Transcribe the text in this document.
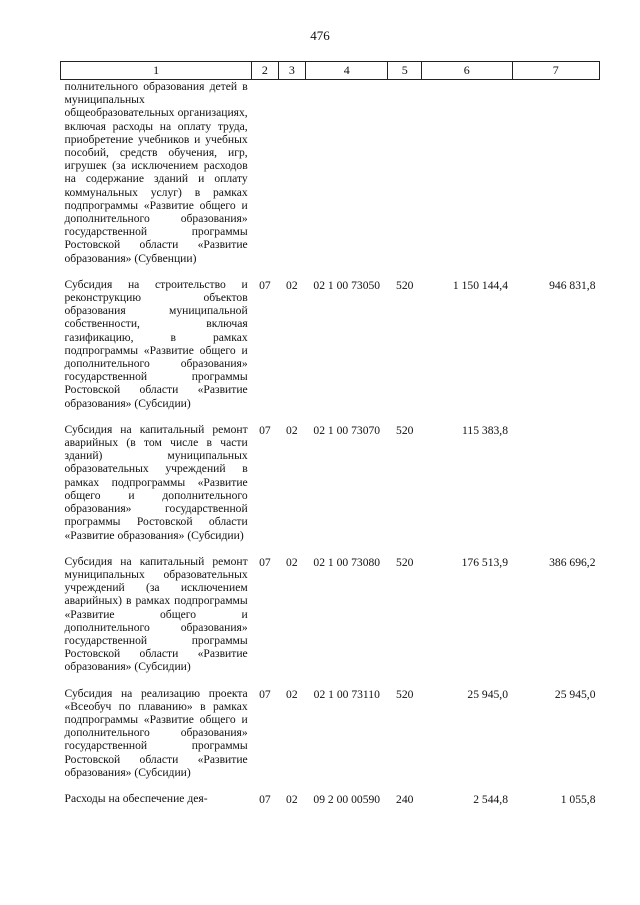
476
1	2	3	4	5	6	7
полнительного образования детей в муниципальных общеобразовательных организациях, включая расходы на оплату труда, приобретение учебников и учебных пособий, средств обучения, игр, игрушек (за исключением расходов на содержание зданий и оплату коммунальных услуг) в рамках подпрограммы «Развитие общего и дополнительного образования» государственной программы Ростовской области «Развитие образования» (Субвенции)						
Субсидия на строительство и реконструкцию объектов образования муниципальной собственности, включая газификацию, в рамках подпрограммы «Развитие общего и дополнительного образования» государственной программы Ростовской области «Развитие образования» (Субсидии)	07	02	02 1 00 73050	520	1 150 144,4	946 831,8
Субсидия на капитальный ремонт аварийных (в том числе в части зданий) муниципальных образовательных учреждений в рамках подпрограммы «Развитие общего и дополнительного образования» государственной программы Ростовской области «Развитие образования» (Субсидии)	07	02	02 1 00 73070	520	115 383,8	
Субсидия на капитальный ремонт муниципальных образовательных учреждений (за исключением аварийных) в рамках подпрограммы «Развитие общего и дополнительного образования» государственной программы Ростовской области «Развитие образования» (Субсидии)	07	02	02 1 00 73080	520	176 513,9	386 696,2
Субсидия на реализацию проекта «Всеобуч по плаванию» в рамках подпрограммы «Развитие общего и дополнительного образования» государственной программы Ростовской области «Развитие образования» (Субсидии)	07	02	02 1 00 73110	520	25 945,0	25 945,0
Расходы на обеспечение дея-	07	02	09 2 00 00590	240	2 544,8	1 055,8
